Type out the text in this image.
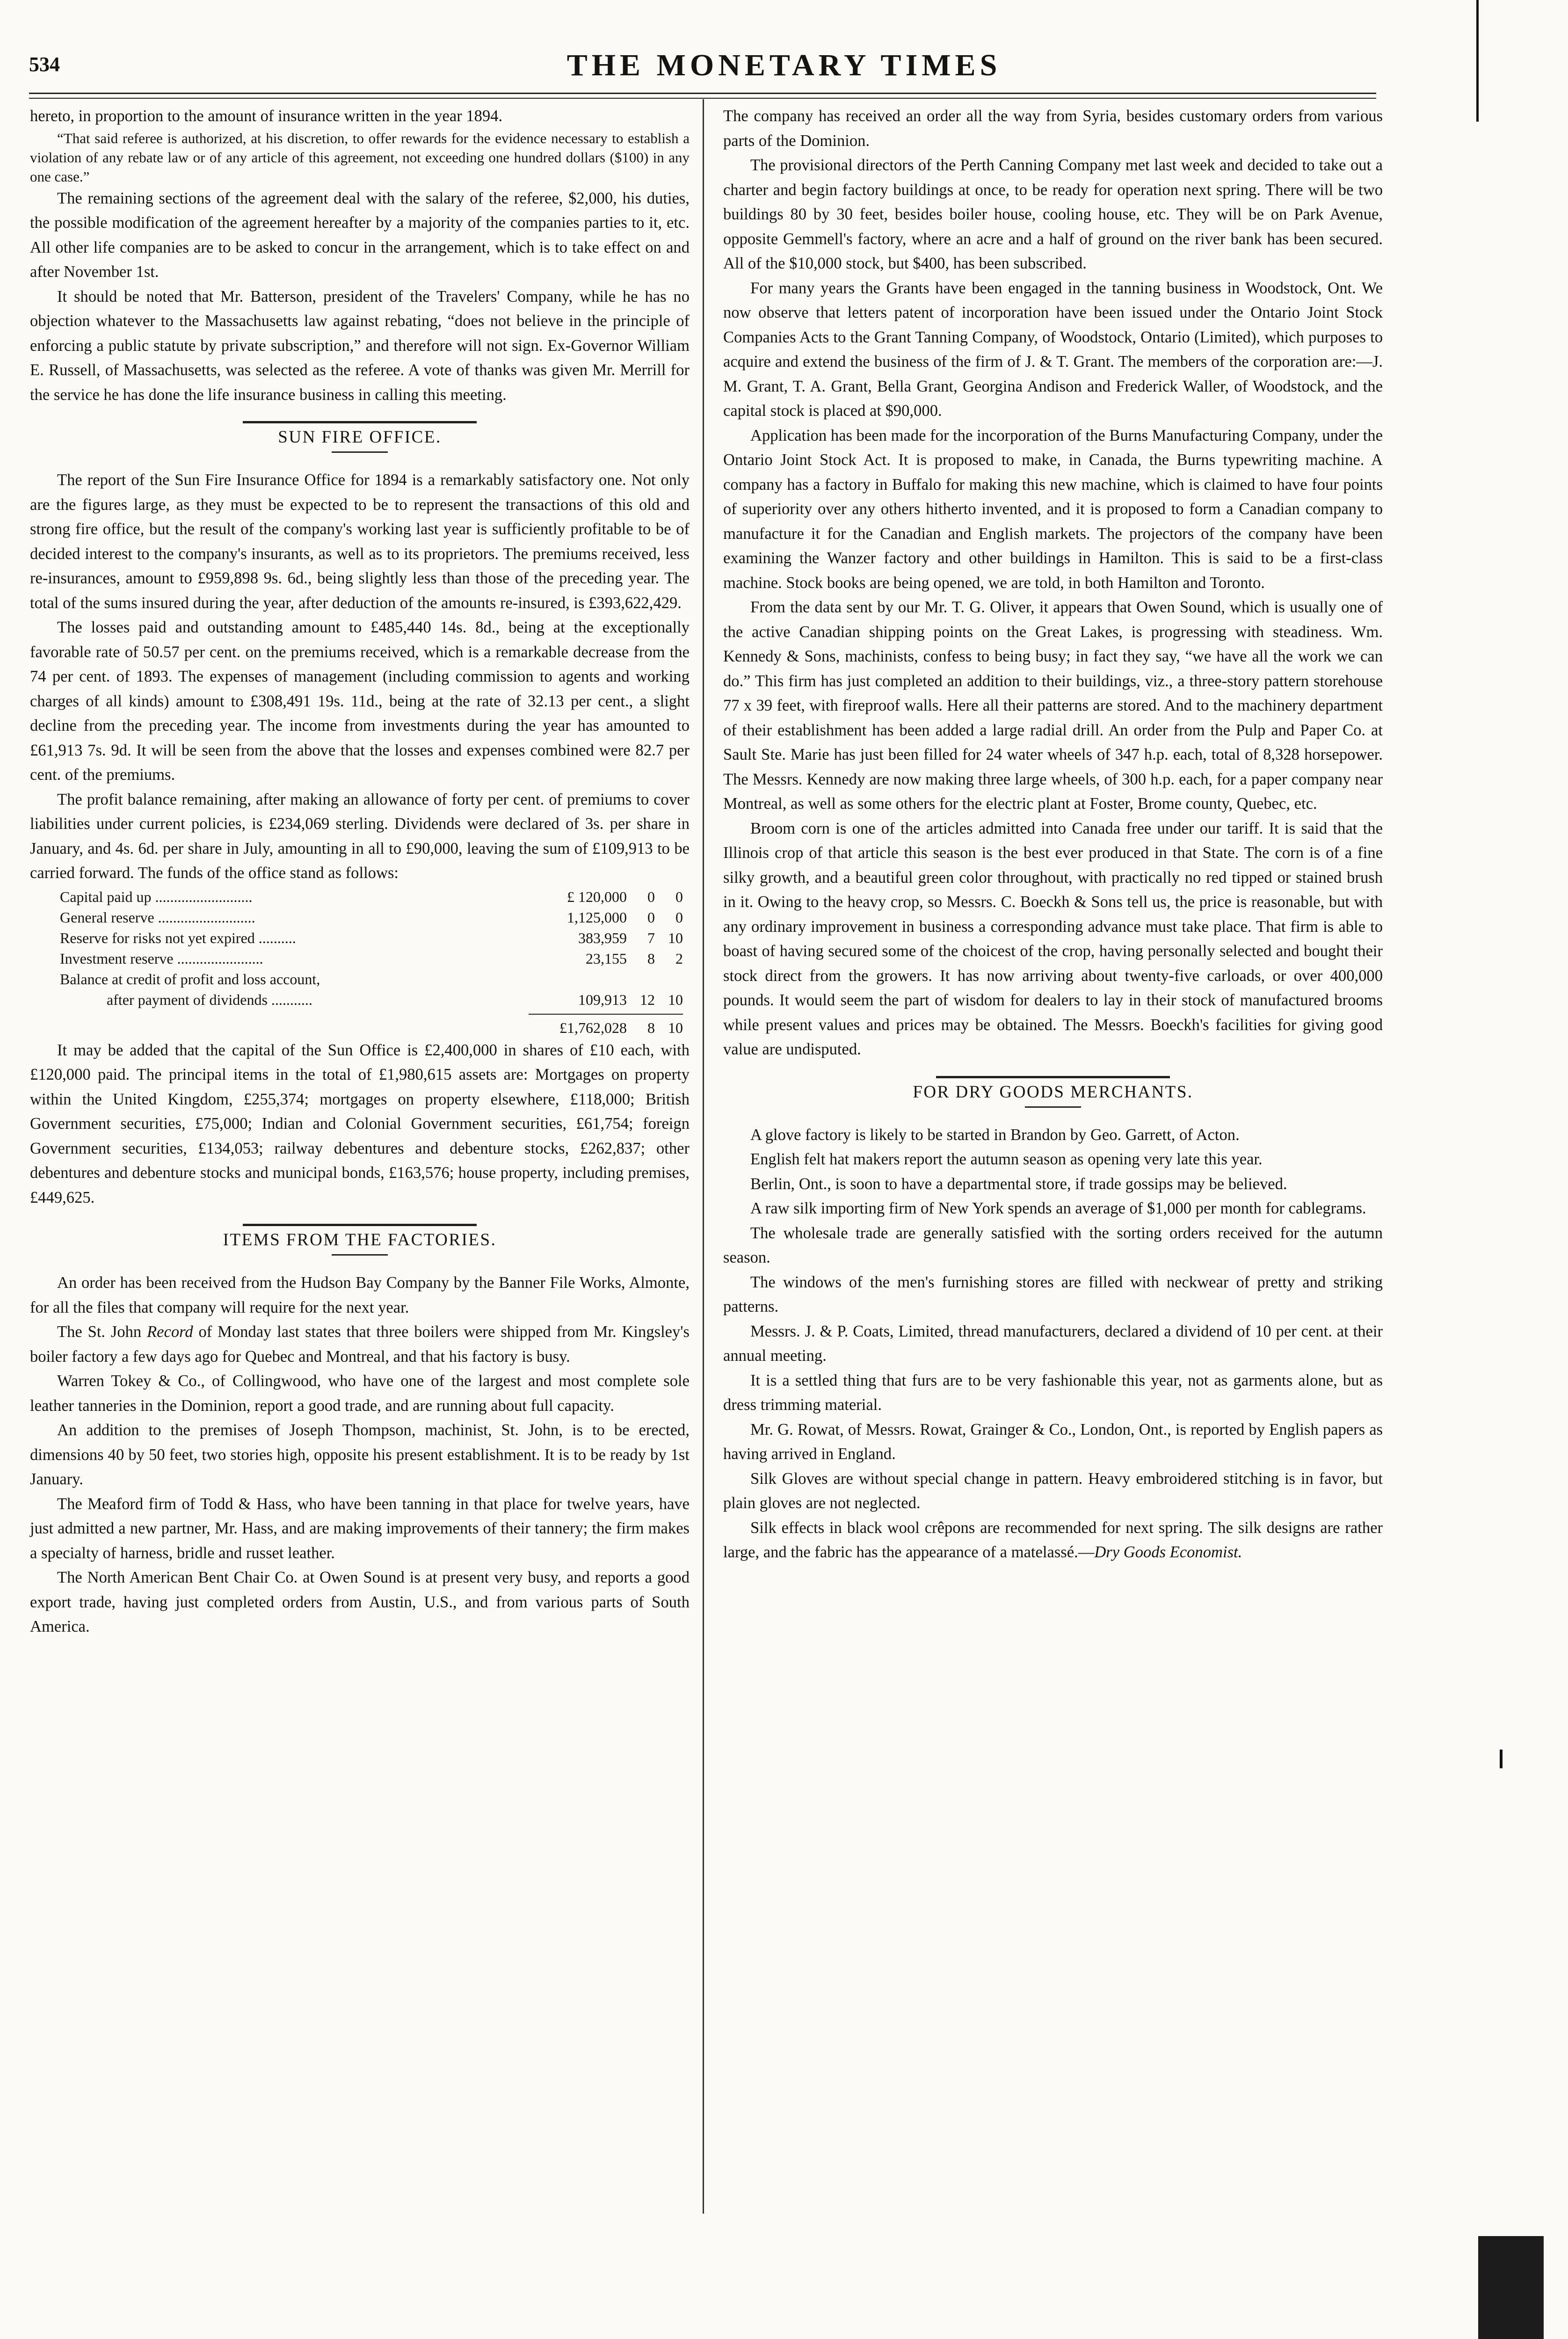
534	THE MONETARY TIMES

hereto, in proportion to the amount of insurance written in the year 1894.

“That said referee is authorized, at his discretion, to offer rewards for the evidence necessary to establish a violation of any rebate law or of any article of this agreement, not exceeding one hundred dollars ($100) in any one case.”

The remaining sections of the agreement deal with the salary of the referee, $2,000, his duties, the possible modification of the agreement hereafter by a majority of the companies parties to it, etc. All other life companies are to be asked to concur in the arrangement, which is to take effect on and after November 1st.

It should be noted that Mr. Batterson, president of the Travelers' Company, while he has no objection whatever to the Massachusetts law against rebating, “does not believe in the principle of enforcing a public statute by private subscription,” and therefore will not sign. Ex-Governor William E. Russell, of Massachusetts, was selected as the referee. A vote of thanks was given Mr. Merrill for the service he has done the life insurance business in calling this meeting.

SUN FIRE OFFICE.

The report of the Sun Fire Insurance Office for 1894 is a remarkably satisfactory one. Not only are the figures large, as they must be expected to be to represent the transactions of this old and strong fire office, but the result of the company's working last year is sufficiently profitable to be of decided interest to the company's insurants, as well as to its proprietors. The premiums received, less re-insurances, amount to £959,898 9s. 6d., being slightly less than those of the preceding year. The total of the sums insured during the year, after deduction of the amounts re-insured, is £393,622,429.

The losses paid and outstanding amount to £485,440 14s. 8d., being at the exceptionally favorable rate of 50.57 per cent. on the premiums received, which is a remarkable decrease from the 74 per cent. of 1893. The expenses of management (including commission to agents and working charges of all kinds) amount to £308,491 19s. 11d., being at the rate of 32.13 per cent., a slight decline from the preceding year. The income from investments during the year has amounted to £61,913 7s. 9d. It will be seen from the above that the losses and expenses combined were 82.7 per cent. of the premiums.

The profit balance remaining, after making an allowance of forty per cent. of premiums to cover liabilities under current policies, is £234,069 sterling. Dividends were declared of 3s. per share in January, and 4s. 6d. per share in July, amounting in all to £90,000, leaving the sum of £109,913 to be carried forward. The funds of the office stand as follows:

Capital paid up ..........................	£ 120,000	0	0
General reserve ..........................	1,125,000	0	0
Reserve for risks not yet expired ..........	383,959	7 10
Investment reserve .......................	23,155	8	2
Balance at credit of profit and loss account,
after payment of dividends ...........	109,913 12 10
£1,762,028	8 10

It may be added that the capital of the Sun Office is £2,400,000 in shares of £10 each, with £120,000 paid. The principal items in the total of £1,980,615 assets are: Mortgages on property within the United Kingdom, £255,374; mortgages on property elsewhere, £118,000; British Government securities, £75,000; Indian and Colonial Government securities, £61,754; foreign Government securities, £134,053; railway debentures and debenture stocks, £262,837; other debentures and debenture stocks and municipal bonds, £163,576; house property, including premises, £449,625.

ITEMS FROM THE FACTORIES.

An order has been received from the Hudson Bay Company by the Banner File Works, Almonte, for all the files that company will require for the next year.

The St. John Record of Monday last states that three boilers were shipped from Mr. Kingsley's boiler factory a few days ago for Quebec and Montreal, and that his factory is busy.

Warren Tokey & Co., of Collingwood, who have one of the largest and most complete sole leather tanneries in the Dominion, report a good trade, and are running about full capacity.

An addition to the premises of Joseph Thompson, machinist, St. John, is to be erected, dimensions 40 by 50 feet, two stories high, opposite his present establishment. It is to be ready by 1st January.

The Meaford firm of Todd & Hass, who have been tanning in that place for twelve years, have just admitted a new partner, Mr. Hass, and are making improvements of their tannery; the firm makes a specialty of harness, bridle and russet leather.

The North American Bent Chair Co. at Owen Sound is at present very busy, and reports a good export trade, having just completed orders from Austin, U.S., and from various parts of South America.

The company has received an order all the way from Syria, besides customary orders from various parts of the Dominion.

The provisional directors of the Perth Canning Company met last week and decided to take out a charter and begin factory buildings at once, to be ready for operation next spring. There will be two buildings 80 by 30 feet, besides boiler house, cooling house, etc. They will be on Park Avenue, opposite Gemmell's factory, where an acre and a half of ground on the river bank has been secured. All of the $10,000 stock, but $400, has been subscribed.

For many years the Grants have been engaged in the tanning business in Woodstock, Ont. We now observe that letters patent of incorporation have been issued under the Ontario Joint Stock Companies Acts to the Grant Tanning Company, of Woodstock, Ontario (Limited), which purposes to acquire and extend the business of the firm of J. & T. Grant. The members of the corporation are:—J. M. Grant, T. A. Grant, Bella Grant, Georgina Andison and Frederick Waller, of Woodstock, and the capital stock is placed at $90,000.

Application has been made for the incorporation of the Burns Manufacturing Company, under the Ontario Joint Stock Act. It is proposed to make, in Canada, the Burns typewriting machine. A company has a factory in Buffalo for making this new machine, which is claimed to have four points of superiority over any others hitherto invented, and it is proposed to form a Canadian company to manufacture it for the Canadian and English markets. The projectors of the company have been examining the Wanzer factory and other buildings in Hamilton. This is said to be a first-class machine. Stock books are being opened, we are told, in both Hamilton and Toronto.

From the data sent by our Mr. T. G. Oliver, it appears that Owen Sound, which is usually one of the active Canadian shipping points on the Great Lakes, is progressing with steadiness. Wm. Kennedy & Sons, machinists, confess to being busy; in fact they say, “we have all the work we can do.” This firm has just completed an addition to their buildings, viz., a three-story pattern storehouse 77 x 39 feet, with fireproof walls. Here all their patterns are stored. And to the machinery department of their establishment has been added a large radial drill. An order from the Pulp and Paper Co. at Sault Ste. Marie has just been filled for 24 water wheels of 347 h.p. each, total of 8,328 horsepower. The Messrs. Kennedy are now making three large wheels, of 300 h.p. each, for a paper company near Montreal, as well as some others for the electric plant at Foster, Brome county, Quebec, etc.

Broom corn is one of the articles admitted into Canada free under our tariff. It is said that the Illinois crop of that article this season is the best ever produced in that State. The corn is of a fine silky growth, and a beautiful green color throughout, with practically no red tipped or stained brush in it. Owing to the heavy crop, so Messrs. C. Boeckh & Sons tell us, the price is reasonable, but with any ordinary improvement in business a corresponding advance must take place. That firm is able to boast of having secured some of the choicest of the crop, having personally selected and bought their stock direct from the growers. It has now arriving about twenty-five carloads, or over 400,000 pounds. It would seem the part of wisdom for dealers to lay in their stock of manufactured brooms while present values and prices may be obtained. The Messrs. Boeckh's facilities for giving good value are undisputed.

FOR DRY GOODS MERCHANTS.

A glove factory is likely to be started in Brandon by Geo. Garrett, of Acton.

English felt hat makers report the autumn season as opening very late this year.

Berlin, Ont., is soon to have a departmental store, if trade gossips may be believed.

A raw silk importing firm of New York spends an average of $1,000 per month for cablegrams.

The wholesale trade are generally satisfied with the sorting orders received for the autumn season.

The windows of the men's furnishing stores are filled with neckwear of pretty and striking patterns.

Messrs. J. & P. Coats, Limited, thread manufacturers, declared a dividend of 10 per cent. at their annual meeting.

It is a settled thing that furs are to be very fashionable this year, not as garments alone, but as dress trimming material.

Mr. G. Rowat, of Messrs. Rowat, Grainger & Co., London, Ont., is reported by English papers as having arrived in England.

Silk Gloves are without special change in pattern. Heavy embroidered stitching is in favor, but plain gloves are not neglected.

Silk effects in black wool crêpons are recommended for next spring. The silk designs are rather large, and the fabric has the appearance of a matelassé.—Dry Goods Economist.
